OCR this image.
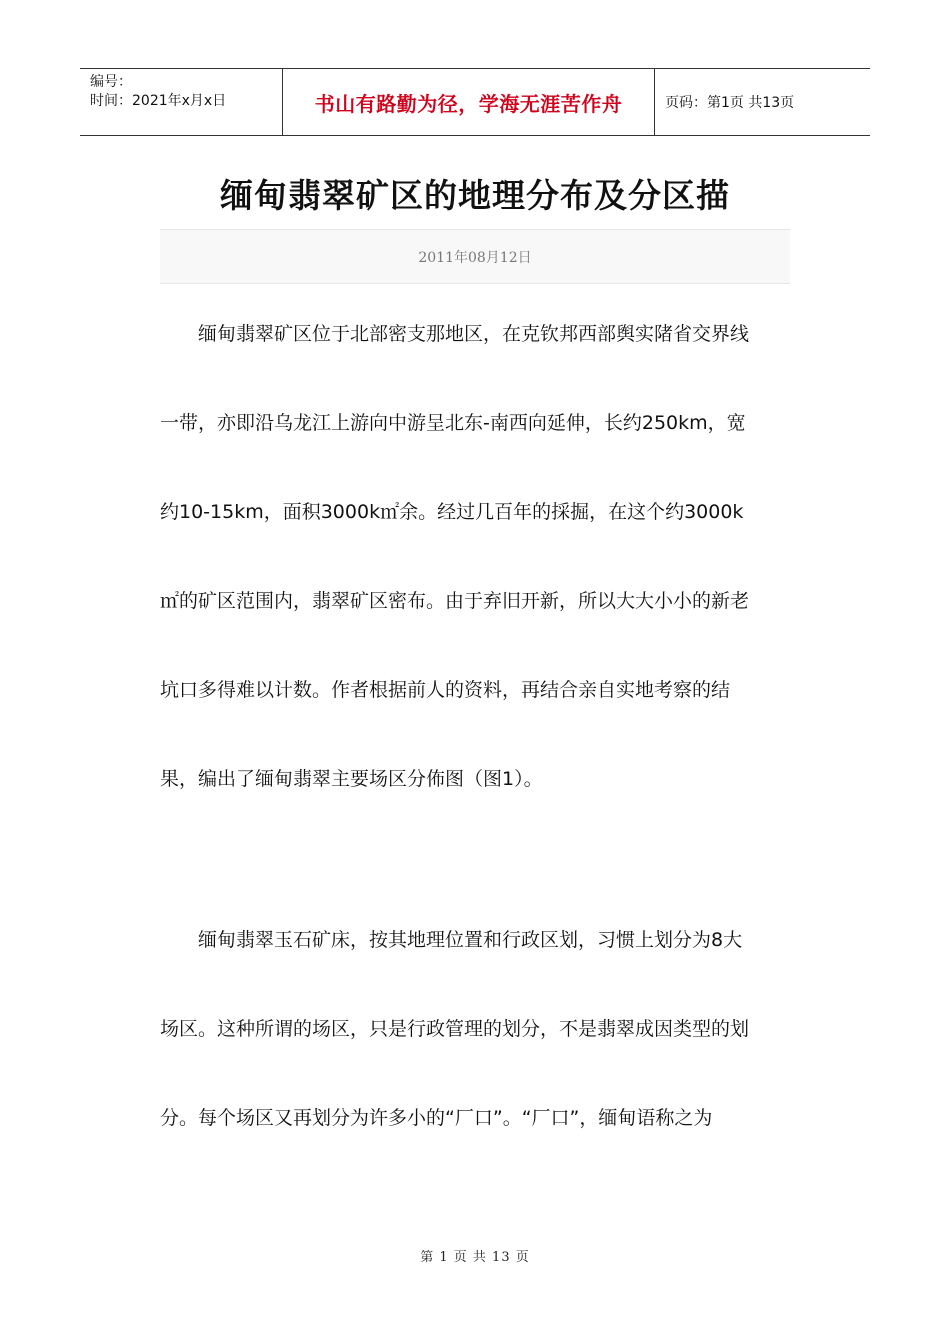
编号：
时间：2021年x月x日	书山有路勤为径，学海无涯苦作舟	页码：第1页 共13页
缅甸翡翠矿区的地理分布及分区描
2011年08月12日
　　缅甸翡翠矿区位于北部密支那地区，在克钦邦西部舆实陼省交界线
一带，亦即沿乌龙江上游向中游呈北东-南西向延伸，长约250km，宽
约10-15km，面积3000k㎡余。经过几百年的採掘，在这个约3000k
㎡的矿区范围内，翡翠矿区密布。由于弃旧开新，所以大大小小的新老
坑口多得难以计数。作者根据前人的资料，再结合亲自实地考察的结
果，编出了缅甸翡翠主要场区分佈图（图1）。
　　缅甸翡翠玉石矿床，按其地理位置和行政区划，习惯上划分为8大
场区。这种所谓的场区，只是行政管理的划分，不是翡翠成因类型的划
分。每个场区又再划分为许多小的“厂口”。“厂口”，缅甸语称之为
第 1 页 共 13 页
